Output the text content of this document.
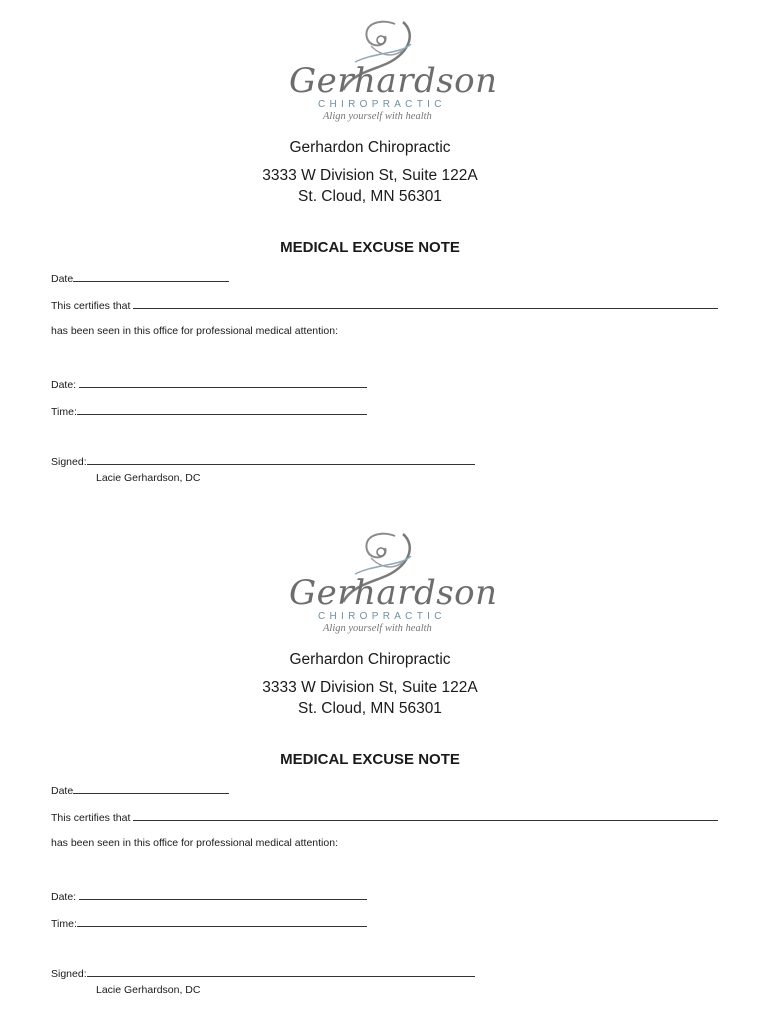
Gerhardson
CHIROPRACTIC
Align yourself with health
Gerhardon Chiropractic
3333 W Division St, Suite 122A
St. Cloud, MN 56301
MEDICAL EXCUSE NOTE
Date
This certifies that
has been seen in this office for professional medical attention:
Date:
Time:
Signed:
Lacie Gerhardson, DC
Gerhardson
CHIROPRACTIC
Align yourself with health
Gerhardon Chiropractic
3333 W Division St, Suite 122A
St. Cloud, MN 56301
MEDICAL EXCUSE NOTE
Date
This certifies that
has been seen in this office for professional medical attention:
Date:
Time:
Signed:
Lacie Gerhardson, DC
